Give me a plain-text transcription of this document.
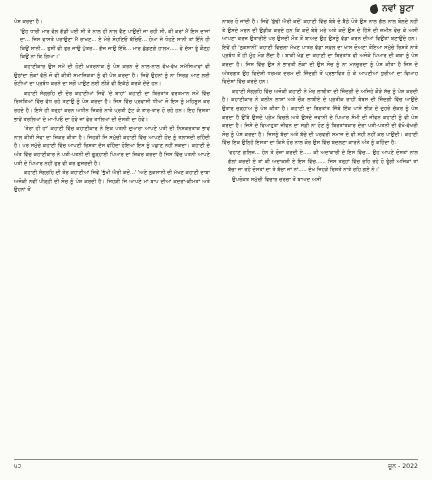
ਨਵਾਂ ਬੂਟਾ

ਪੇਸ਼ ਕਰਦਾ ਹੈ।

'ਉਹ ਧਾਰੀ ਮਾਰ ਵੱਲ ਗੱਡੀ ਪਈ ਸੀ ਤੇ ਨਾਲ ਹੀ ਨਾਲ ਵੈਣ ਪਾਉਂਦੀ ਜਾ ਰਹੀ ਸੀ, ਕੀ ਕਰਾਂ ਮੈਂ ਇਸ ਦਾਜਾਂ ਦਾ... ਜਿਸ ਵਾਸਤੇ ਪਰਾਉਣਾ ਮੈਂ ਰਾਖਣ... ਏ ਮੇਰੇ ਸੋਹਣਿਓ ਬੱਚਿਓ... ਹੋਆ ਜੇ ਧੋਹਣੋ ਸਾਨੀ ਤਾਂ ਇੰਨੇ ਹੀ ਕਿਉਂ ਸਾਨੀ... ਤੁਸੀਂ ਵੀ ਤੁਰ ਜਾਉ ਪੁੱਤਰ... ਗੱਜ ਜਾਉ ਇੱਥੇ... ਮਾਰ ਛੱਡਣਗੇ ਹਾਲਮ..... ਵੇ ਦੱਸਾ ਤੂੰ ਕੌਣ੍ਹ ਕਿਉਂ ਨਾ ਕਿ ਗਿਆ।'

ਕਹਾਣੀਕਾਰ ਉਸ ਸਮੇਂ ਦੀ ਹੋਣੀ ਖ਼ਤਰਨਾਕ ਨੂੰ ਪੇਸ਼ ਕਰਨ ਦੇ ਨਾਲ-ਨਾਲ ਵੱਖ-ਵੱਖ ਸਮੱਸਿਆਵਾਂ ਵੀ ਉਠਾਂਦਾ ਲੋਕਾਂ ਵੱਲੋਂ ਜੋ ਵੀ ਕੀਤੀ ਸਮਾਜਿਕਤਾ ਨੂੰ ਵੀ ਪੇਸ਼ ਕਰਦਾ ਹੈ। ਜਿਵੇਂ ਉਹਨਾਂ ਨੂੰ ਨਾ ਸਿਰਫ਼ ਆਣ ਲਈ ਰੋਟੀਆਂ ਦਾ ਪ੍ਰਬੰਧ ਕਰਨੇ ਦਾ ਸਗੋਂ ਪਾਉਣ ਲਈ ਲੀੜੇ ਵੀ ਇਕੱਠੇ ਕਰਕੇ ਦੇਂਦੇ ਹਨ।

ਕਹਾਣੀ ਸੰਗ੍ਰਹਿ ਦੀ ਦੇਰ ਕਹਾਣੀਆਂ ਜਿਵੇਂ 'ਦੇ ਬਾਹਾਂ' ਕਹਾਣੀ ਦਾ ਬਿਰਤਾਂਤ ਵਰਤਮਾਨ ਸਮੇਂ ਵਿੱਚ ਰਿਸ਼ਤਿਆਂ ਵਿੱਚ ਵੱਧ ਰਹੇ ਤਣਾਉ ਨੂੰ ਪੇਸ਼ ਕਰਦਾ ਹੈ। ਜਿਸ ਵਿੱਚ ਪ੍ਰਵਾਸੀ ਧੀਆਂ ਜੋ ਇਸ ਨੂੰ ਮਹਿਸੂਸ ਕਰ ਰਹਦੇ ਹੈ। ਇਸੇ ਹੀ ਤਰ੍ਹਾਂ ਕਰਨ ਅਧੀਨ ਜ਼ਿਕਰੇ ਨਾਤੇ ਪ੍ਰਤੀ ਟੁੱਟ ਕੇ ਤਾਰ-ਤਾਰ ਹੋ ਰਹੇ ਹਨ। ਇਹ ਰਿਸ਼ਤਾ ਭਾਵੇਂ ਤਰਲਿਆਂ ਦੇ ਮਾ-ਪਿਓ ਦਾ ਹੋਵੇ ਜਾਂ ਫੇਰ ਤਾਲਿਆਂ ਦੀ ਦੋਸਤੀ ਦਾ ਹੋਵੇ।

'ਤੇਰਾ ਹੀ ਹਾਂ' ਕਹਾਣੀ ਵਿੱਚ ਕਹਾਣੀਕਾਰ ਨੇ ਇਕ ਪਤਨੀ ਦੁਆਰਾ ਆਪਣੇ ਪਤੀ ਦੀ ਨਿਸ਼ਕਰਤਾਕ ਭਾਵ ਨਾਲ ਕੀਤੀ ਸੇਵਾ ਦਾ ਜ਼ਿਕਰ ਕੀਤਾ ਹੈ। ਜਿਹੜੀ ਜਿ ਸਮੁੱਚੀ ਕਹਾਣੀ ਵਿੱਚ ਆਪਣੀ ਹੋਂਦ ਨੂੰ ਤਲਾਸ਼ਦੀ ਰਹਿੰਦੀ ਹੈ। ਪਰ ਸਮੁੱਚੇ ਕਹਾਣੀ ਵਿੱਚ ਆਪਣੀ ਰਿਸ਼ਤਾ ਦੱਸ ਵਹਿੰਦਾ ਹੋਇਆ ਇਸ ਨੂੰ ਪਛਾਣ ਨਹੀਂ ਸਕਦਾ। ਕਹਾਣੀ ਦੇ ਅੰਤ ਵਿੱਚ ਕਹਾਣੀਕਾਰ ਨੇ ਪਤੀ-ਪਤਨੀ ਦੀ ਗੂੜ੍ਹਾਈ ਪਿਆਰ ਦਾ ਜ਼ਿਕਰ ਕਰਦਾ ਹੈ ਜਿਸ ਵਿੱਚ ਪਤਨੀ ਆਪਣੇ ਪਤੀ ਦੇ ਪਿਆਰ ਨਹੀਂ ਤੁਰ ਵੀ ਕਰ ਗੁਜ਼ਰਦੀ ਹੈ।

ਕਹਾਣੀ ਸੰਗ੍ਰਹਿ ਦੀ ਤੇਰ ਕਹਾਣੀਆਂ ਜਿਵੇਂ 'ਭੁੱਖੀ ਐਰੀ ਕਦੋਂ...' 'ਅਣੇ ਨੁਕਸਾਨੀ ਦੀ ਮੱਖਣ ਕਹਾਣੀ ਦਾਬਾ ਅਜੋਕੀ ਨਵੀਂ ਪੀੜ੍ਹੀ ਦੀ ਸੋਚ ਨੂੰ ਪੇਸ਼ ਕਰਦੀ ਹੈ। ਜਿਹੜੀ ਜਿ ਆਪਣੇ ਮਾਂ ਬਾਪ ਦੀਆਂ ਕਦਰਾਂ-ਕੀਮਤਾਂ ਅਤੇ ਉਹਨਾਂ ਤੋਂ

ਨਾਬਰ ਹੋ ਜਾਂਦੀ ਹੈ। ਜਿਵੇਂ 'ਬੁੱਢੀ ਐਰੀ ਕਦੋਂ' ਕਹਾਣੀ ਵਿੱਚ ਬੇਬੇ ਦੇ ਬੈਠੇ ਪੋਤੇ ਉਸ ਨਾਲ ਗੱਲ ਨਾਲ ਬੋਲਦੇ ਨਹੀਂ ਤੇ ਉਸਦੇ ਮਰਨ ਦੀ ਉਡੀਕ ਕਰਦੇ ਹਨ ਕਿ ਕਦੋਂ ਬੇਬੇ ਮਰੇ ਅਤੇ ਕਦੋਂ ਉਸ ਦੇ ਹਿੱਸੇ ਦੀ ਜ਼ਮੀਨ ਵੇਚ ਕੇ ਅਸੀਂ ਆਪਣਾ ਕਰਜ਼ ਉਤਾਰੀਏ ਪਰ ਉਸਦੀ ਮੌਤ ਤੋਂ ਬਾਅਦ ਉਹ ਉਸਨੂੰ ਵੱਡਾ ਕਰਨ ਦੀਆਂ ਵਿਉਂਤਾਂ ਬਣਾਉਂਦੇ ਹਨ। ਇਵੇਂ ਹੀ 'ਨੁਕਸਾਨੀ' ਕਹਾਣੀ ਵਿਚਲਾ ਮੱਖਣ ਪਾਤਰ ਵੱਡਾ ਸਫ਼ਲ ਦਾ ਖਾਸ ਦੋਅਣਾ ਤੋਇਆ ਸਮੁੱਚੇ ਰਿਸ਼ਤੇ ਨਾਤੇ ਪ੍ਰਬੰਧ ਤੋਂ ਹੀ ਮੂੰਹ ਮੋੜ ਲੈਂਦਾ ਹੈ। ਬਾਕੀ ਖੇਡ ਦਾ ਕਹਾਣੀ ਦਾ ਬਿਰਤਾਂਤ ਵੀ ਅਜੋਕੇ ਪਿਆਰ ਦੀ ਕਥਾ ਨੂੰ ਪੇਸ਼ ਕਰਦਾ ਹੈ। ਜਿਸ ਵਿੱਚ ਉਸ ਨੇ ਭਾਰਤੀ ਲੋਕਾਂ ਦੀ ਉਸ ਸੋਚ ਨੂੰ ਨਾ ਮਨਜ਼ੂਰਦਾ ਨੂੰ ਪੇਸ਼ ਕੀਤਾ ਹੈ ਜਿਸ ਦੇ ਅੰਤਰਗਤ ਉਹ ਵਿਦੇਸ਼ੀ ਧਰਮਕ ਦਰਮ ਦੀ ਜ਼ਿੰਦਗੀ ਤੋਂ ਪ੍ਰਭਾਵਿਤ ਹੋ ਕੇ ਆਪਣੀਆਂ ਧੁਰੀਆਂ ਦਾ ਵਿਆਹ ਵਿਦੇਸ਼ਾਂ ਵਿੱਚ ਕਰਦੇ ਹਨ।

ਕਹਾਣੀ ਸੰਗ੍ਰਹਿ ਵਿੱਚ ਅਜੋਕੀ ਕਹਾਣੀ ਨੇ ਮੇਰ ਲਾਬੀਤਾ ਦੀ ਜ਼ਿੰਦਗੀ ਦੇ ਅਜਿਹੇ ਕੌੜੇ ਸੱਚ ਨੂੰ ਪੇਸ਼ ਕਰਦੀ ਹੈ। ਕਹਾਣੀਕਾਰ ਨੇ ਕਲੀਨ ਲਾਸ਼ਾਂ ਅਤੇ ਚੌੜ ਲਾਬੀਏ ਦੇ ਪ੍ਰਤੀਕ ਰਾਹੀਂ ਬੇਬਸ ਦੀ ਜ਼ਿੰਦਗੀ ਵਿੱਚ ਆਉਂਦੇ ਉਤਾਰ ਚੜ੍ਹਾਅ ਨੂੰ ਪੇਸ਼ ਕੀਤਾ ਹੈ। ਕਹਾਣੀ ਦਾ ਬਿਰਤਾਂਤ ਜਿੱਥੇ ਇੱਕ ਪਾਸੇ ਭੀੜ ਦੇ ਦੁਹਰੇ ਚੱਕਰ ਨੂੰ ਪੇਸ਼ ਕਰਦਾ ਹੈ ਉੱਥੇ ਉਸਦੇ ਪ੍ਰੇਮ ਵਿਚਲੇ ਅਤੇ ਉਸਦੇ ਜਵਾਨੀ ਦੇ ਪਿਆਰ ਸੰਮੀ ਦੀ ਜੀਵਨ ਕਹਾਣੀ ਨੂੰ ਵੀ ਪੇਸ਼ ਕਰਦਾ ਹੈ। ਜਿਸੇ ਦੇ ਵਿਆਹੁਤਾ ਜੀਵਨ ਦਾ ਸਫ਼ੀ ਨਾ ਹੋਣ ਨੂੰ ਬਿਰਤਾਂਤਕਾਰ ਦੇਰਾ ਪਤੀ-ਪਤਨੀ ਦੀ ਵੱਖੋ-ਵੱਖਰੀ ਸੋਚ ਨੂੰ ਪੇਸ਼ ਕਰਦਾ ਹੈ। ਜਿਸਨੂੰ ਬੱਚਾ ਅਤੇ ਬੱਚੇ ਦੀ ਪਰਵਰੀ ਸਮਾਜ ਦੇ ਵੀ ਸਹੀ ਨਹੀਂ ਕਰ ਪਾਉਂਦੀ। ਕਹਾਣੀ ਵਿੱਚ ਇਕ ਉਨ੍ਹਿੰ ਇਸਤਾ ਦਾ ਕਿਸੇ ਹੋਰ ਨਾਲ ਕੋਰ ਉਸ ਵਿੱਚ ਬਦਲਣਾ ਕਾਰਨੇ ਅੰਤ ਨੂੰ ਕਹਿੰਦਾ ਹੈ:

'ਵਹਾਣ ਗਲਿਜ਼... ਹੇਨ ਤੇ ਰੋਜ਼ਾ ਕਰਦੀ ਏ..... ਕੀ ਅਦਾਕਾਰੀ ਦੇ ਇਸ ਵਿੱਚ... ਉਹ ਆਪਣੇ ਦੋਸਤਾਂ ਨਾਲ ਗੱਲਾਂ ਕਰਦੀ ਏ ਤਾਂ ਕੀ ਅਦਾਕਸ਼ੀ ਏ ਇਸ ਵਿੱਚ...... ਜਿਸ ਤਰ੍ਹਾਂ ਵਿੱਚ ਰਹਿ ਰਹੇ ਹੋ ਤੂੰਗੀ ਅਜਿਕਾਂ ਤਾਂ ਬੱਚਾ ਜਾ ਰਹੇ ਦੋਸਤਾਂ ਦਾ ਤੇ ਬੱਚਾ ਜਾਂ ਨਾਂ..... ਦੇਖ ਜਿਹੜੇ ਰਿਸ਼ਤੇ ਨਾਤੇ ਰਹਿ ਗਏ ਨੇ।'

ਉਪਰੋਕਤ ਸਮੁੱਚੀ ਵਿਚਾਰ ਚਰਚਾ ਤੋਂ ਬਾਅਦ ਅਸੀਂ

੫੨	ਜੂਨ - 2022
